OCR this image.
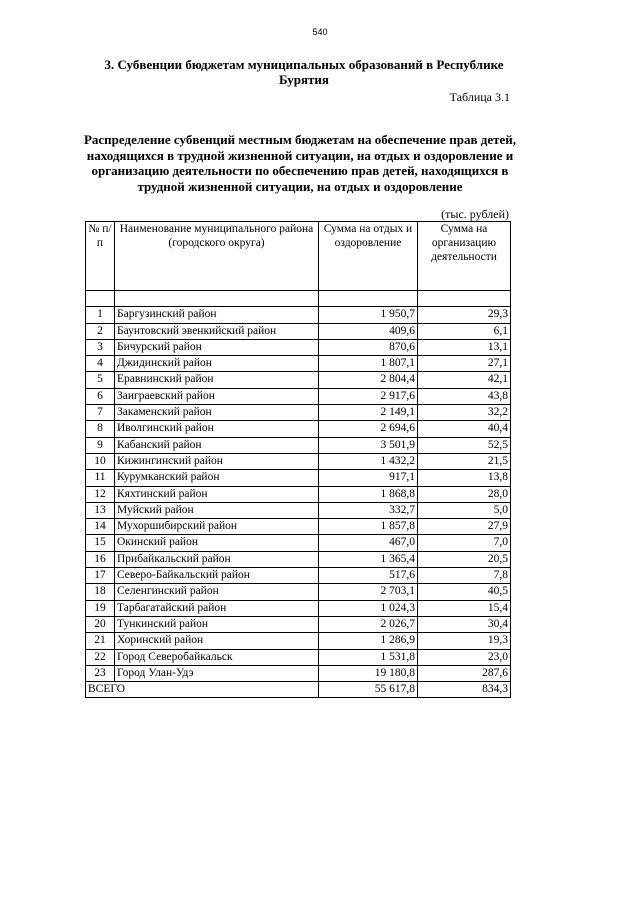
540
3. Субвенции бюджетам муниципальных образований в Республике Бурятия
Таблица 3.1
Распределение субвенций местным бюджетам на обеспечение прав детей, находящихся в трудной жизненной ситуации, на отдых и оздоровление и организацию деятельности по обеспечению прав детей, находящихся в трудной жизненной ситуации, на отдых и оздоровление
(тыс. рублей)
№ п/п	Наименование муниципального района (городского округа)	Сумма на отдых и оздоровление	Сумма на организацию деятельности

1	Баргузинский район	1 950,7	29,3
2	Баунтовский эвенкийский район	409,6	6,1
3	Бичурский район	870,6	13,1
4	Джидинский район	1 807,1	27,1
5	Еравнинский район	2 804,4	42,1
6	Заиграевский район	2 917,6	43,8
7	Закаменский район	2 149,1	32,2
8	Иволгинский район	2 694,6	40,4
9	Кабанский район	3 501,9	52,5
10	Кижингинский район	1 432,2	21,5
11	Курумканский район	917,1	13,8
12	Кяхтинский район	1 868,8	28,0
13	Муйский район	332,7	5,0
14	Мухоршибирский район	1 857,8	27,9
15	Окинский район	467,0	7,0
16	Прибайкальский район	1 365,4	20,5
17	Северо-Байкальский район	517,6	7,8
18	Селенгинский район	2 703,1	40,5
19	Тарбагатайский район	1 024,3	15,4
20	Тункинский район	2 026,7	30,4
21	Хоринский район	1 286,9	19,3
22	Город Северобайкальск	1 531,8	23,0
23	Город Улан-Удэ	19 180,8	287,6
ВСЕГО		55 617,8	834,3
